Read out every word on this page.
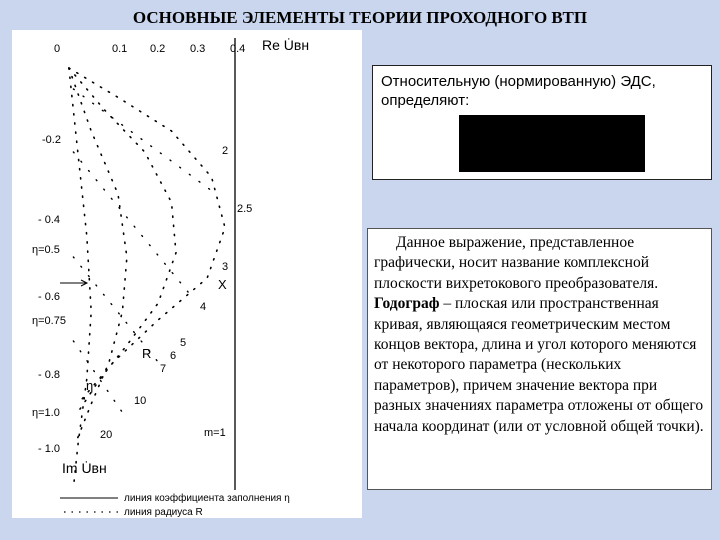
ОСНОВНЫЕ ЭЛЕМЕНТЫ ТЕОРИИ ПРОХОДНОГО ВТП
0	0.1 0.2 0.3 0.4
-0.2
- 0.4
- 0.6
- 0.8
- 1.0
Re U̇вн
Im U̇вн
η=0.5
η=0.75
η=1.0
2
2.5
3
4
5
6
7
10
20	m=1
R
X
η
линия коэффициента заполнения η
линия радиуса R
Относительную (нормированную) ЭДС, определяют:
Данное выражение, представленное графически, носит название комплексной плоскости вихретокового преобразователя. Годограф – плоская или пространственная кривая, являющаяся геометрическим местом концов вектора, длина и угол которого меняются от некоторого параметра (нескольких параметров), причем значение вектора при разных значениях параметра отложены от общего начала координат (или от условной общей точки).
